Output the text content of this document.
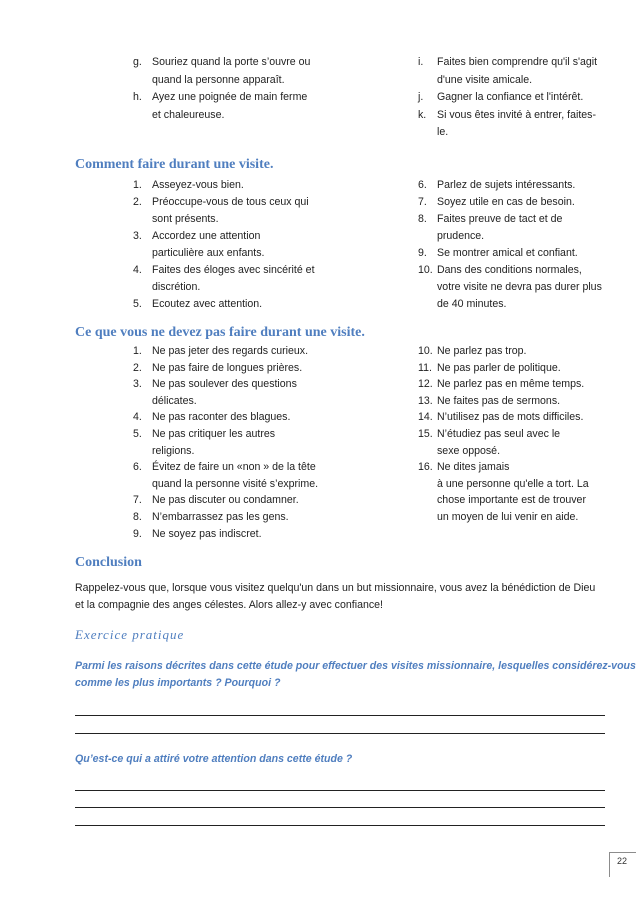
g. Souriez quand la porte s’ouvre ou
quand la personne apparaît.
h. Ayez une poignée de main ferme
et chaleureuse.
i. Faites bien comprendre qu'il s'agit
d'une visite amicale.
j. Gagner la confiance et l'intérêt.
k. Si vous êtes invité à entrer, faites-
le.
Comment faire durant une visite.
1. Asseyez-vous bien.
2. Préoccupe-vous de tous ceux qui
sont présents.
3. Accordez une attention
particulière aux enfants.
4. Faites des éloges avec sincérité et
discrétion.
5. Ecoutez avec attention.
6. Parlez de sujets intéressants.
7. Soyez utile en cas de besoin.
8. Faites preuve de tact et de
prudence.
9. Se montrer amical et confiant.
10. Dans des conditions normales,
votre visite ne devra pas durer plus
de 40 minutes.
Ce que vous ne devez pas faire durant une visite.
1. Ne pas jeter des regards curieux.
2. Ne pas faire de longues prières.
3. Ne pas soulever des questions
délicates.
4. Ne pas raconter des blagues.
5. Ne pas critiquer les autres
religions.
6. Évitez de faire un «non » de la tête
quand la personne visité s’exprime.
7. Ne pas discuter ou condamner.
8. N’embarrassez pas les gens.
9. Ne soyez pas indiscret.
10. Ne parlez pas trop.
11. Ne pas parler de politique.
12. Ne parlez pas en même temps.
13. Ne faites pas de sermons.
14. N’utilisez pas de mots difficiles.
15. N’étudiez pas seul avec le
sexe opposé.
16. Ne dites jamais
à une personne qu'elle a tort. La
chose importante est de trouver
un moyen de lui venir en aide.
Conclusion
Rappelez-vous que, lorsque vous visitez quelqu'un dans un but missionnaire, vous avez la bénédiction de Dieu
et la compagnie des anges célestes. Alors allez-y avec confiance!
Exercice pratique
Parmi les raisons décrites dans cette étude pour effectuer des visites missionnaire, lesquelles considérez-vous
comme les plus importants ? Pourquoi ?
Qu’est-ce qui a attiré votre attention dans cette étude ?
22
